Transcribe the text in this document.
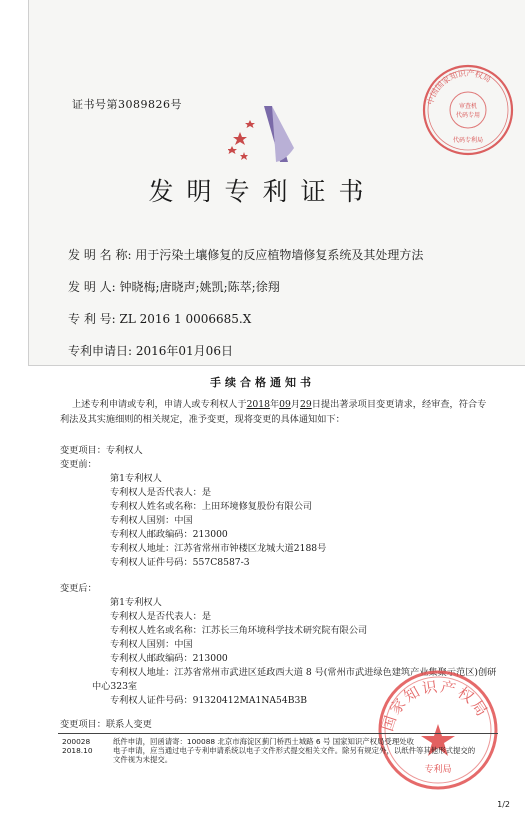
证书号第3089826号	中国国家知识产权局
审查机
代码专用
代码专利局
发明专利证书
发 明 名 称: 用于污染土壤修复的反应植物墙修复系统及其处理方法
发 明 人: 钟晓梅;唐晓声;姚凯;陈萃;徐翔
专 利 号: ZL 2016 1 0006685.X
专利申请日: 2016年01月06日
手续合格通知书
上述专利申请或专利，申请人或专利权人于2018年09月29日提出著录项目变更请求，经审查，符合专
利法及其实施细则的相关规定，准予变更，现将变更的具体通知如下：
变更项目：专利权人
变更前：
第1专利权人
专利权人是否代表人：是
专利权人姓名或名称：上田环境修复股份有限公司
专利权人国别：中国
专利权人邮政编码：213000
专利权人地址：江苏省常州市钟楼区龙城大道2188号
专利权人证件号码：557C8587-3
变更后：
第1专利权人
专利权人是否代表人：是
专利权人姓名或名称：江苏长三角环境科学技术研究院有限公司
专利权人国别：中国
专利权人邮政编码：213000
专利权人地址：江苏省常州市武进区延政西大道 8 号(常州市武进绿色建筑产业集聚示范区)创研
中心323室
专利权人证件号码：91320412MA1NA54B3B
变更项目：联系人变更	国家知识产权局
专利局
200028
2018.10
纸件申请，回函请寄：100088 北京市海淀区蓟门桥西土城路 6 号 国家知识产权局受理处收
电子申请，应当通过电子专利申请系统以电子文件形式提交相关文件。除另有规定外，以纸件等其他形式提交的
文件视为未提交。
1/2
